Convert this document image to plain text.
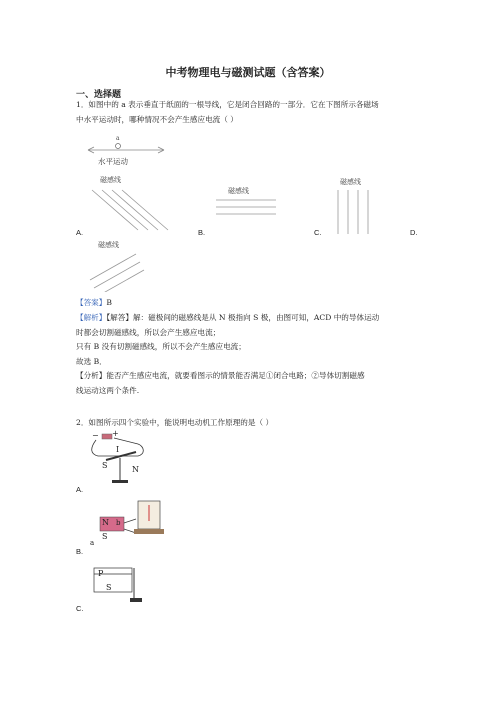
中考物理电与磁测试题（含答案）
一、选择题
1．如图中的 a 表示垂直于纸面的一根导线，它是闭合回路的一部分．它在下图所示各磁场
中水平运动时，哪种情况不会产生感应电流（ ）
a
水平运动
磁感线
A.
磁感线
B.
磁感线
C.	D.
磁感线
【答案】B
【解析】【解答】解：磁极间的磁感线是从 N 极指向 S 极，由图可知，ACD 中的导体运动
时都会切割磁感线，所以会产生感应电流；
只有 B 没有切割磁感线，所以不会产生感应电流；
故选 B．
【分析】能否产生感应电流，就要看图示的情景能否满足①闭合电路；②导体切割磁感
线运动这两个条件.
2．如图所示四个实验中，能说明电动机工作原理的是（ ）
− +
I
S	N
A.
N b
S
a
B.
P
S
C.
